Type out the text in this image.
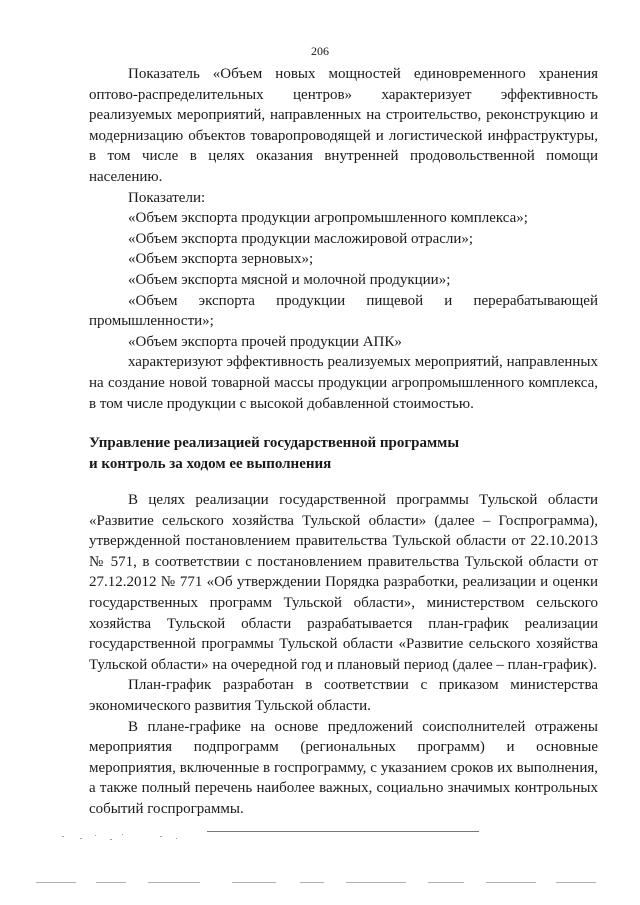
206

Показатель «Объем новых мощностей единовременного хранения оптово-распределительных центров» характеризует эффективность реализуемых мероприятий, направленных на строительство, реконструкцию и модернизацию объектов товаропроводящей и логистической инфраструктуры, в том числе в целях оказания внутренней продовольственной помощи населению.

Показатели:

«Объем экспорта продукции агропромышленного комплекса»;

«Объем экспорта продукции масложировой отрасли»;

«Объем экспорта зерновых»;

«Объем экспорта мясной и молочной продукции»;

«Объем экспорта продукции пищевой и перерабатывающей промышленности»;

«Объем экспорта прочей продукции АПК»

характеризуют эффективность реализуемых мероприятий, направленных на создание новой товарной массы продукции агропромышленного комплекса, в том числе продукции с высокой добавленной стоимостью.

Управление реализацией государственной программы

и контроль за ходом ее выполнения

В целях реализации государственной программы Тульской области «Развитие сельского хозяйства Тульской области» (далее – Госпрограмма), утвержденной постановлением правительства Тульской области от 22.10.2013 № 571, в соответствии с постановлением правительства Тульской области от 27.12.2012 № 771 «Об утверждении Порядка разработки, реализации и оценки государственных программ Тульской области», министерством сельского хозяйства Тульской области разрабатывается план-график реализации государственной программы Тульской области «Развитие сельского хозяйства Тульской области» на очередной год и плановый период (далее – план-график).

План-график разработан в соответствии с приказом министерства экономического развития Тульской области.

В плане-графике на основе предложений соисполнителей отражены мероприятия подпрограмм (региональных программ) и основные мероприятия, включенные в госпрограмму, с указанием сроков их выполнения, а также полный перечень наиболее важных, социально значимых контрольных событий госпрограммы.
